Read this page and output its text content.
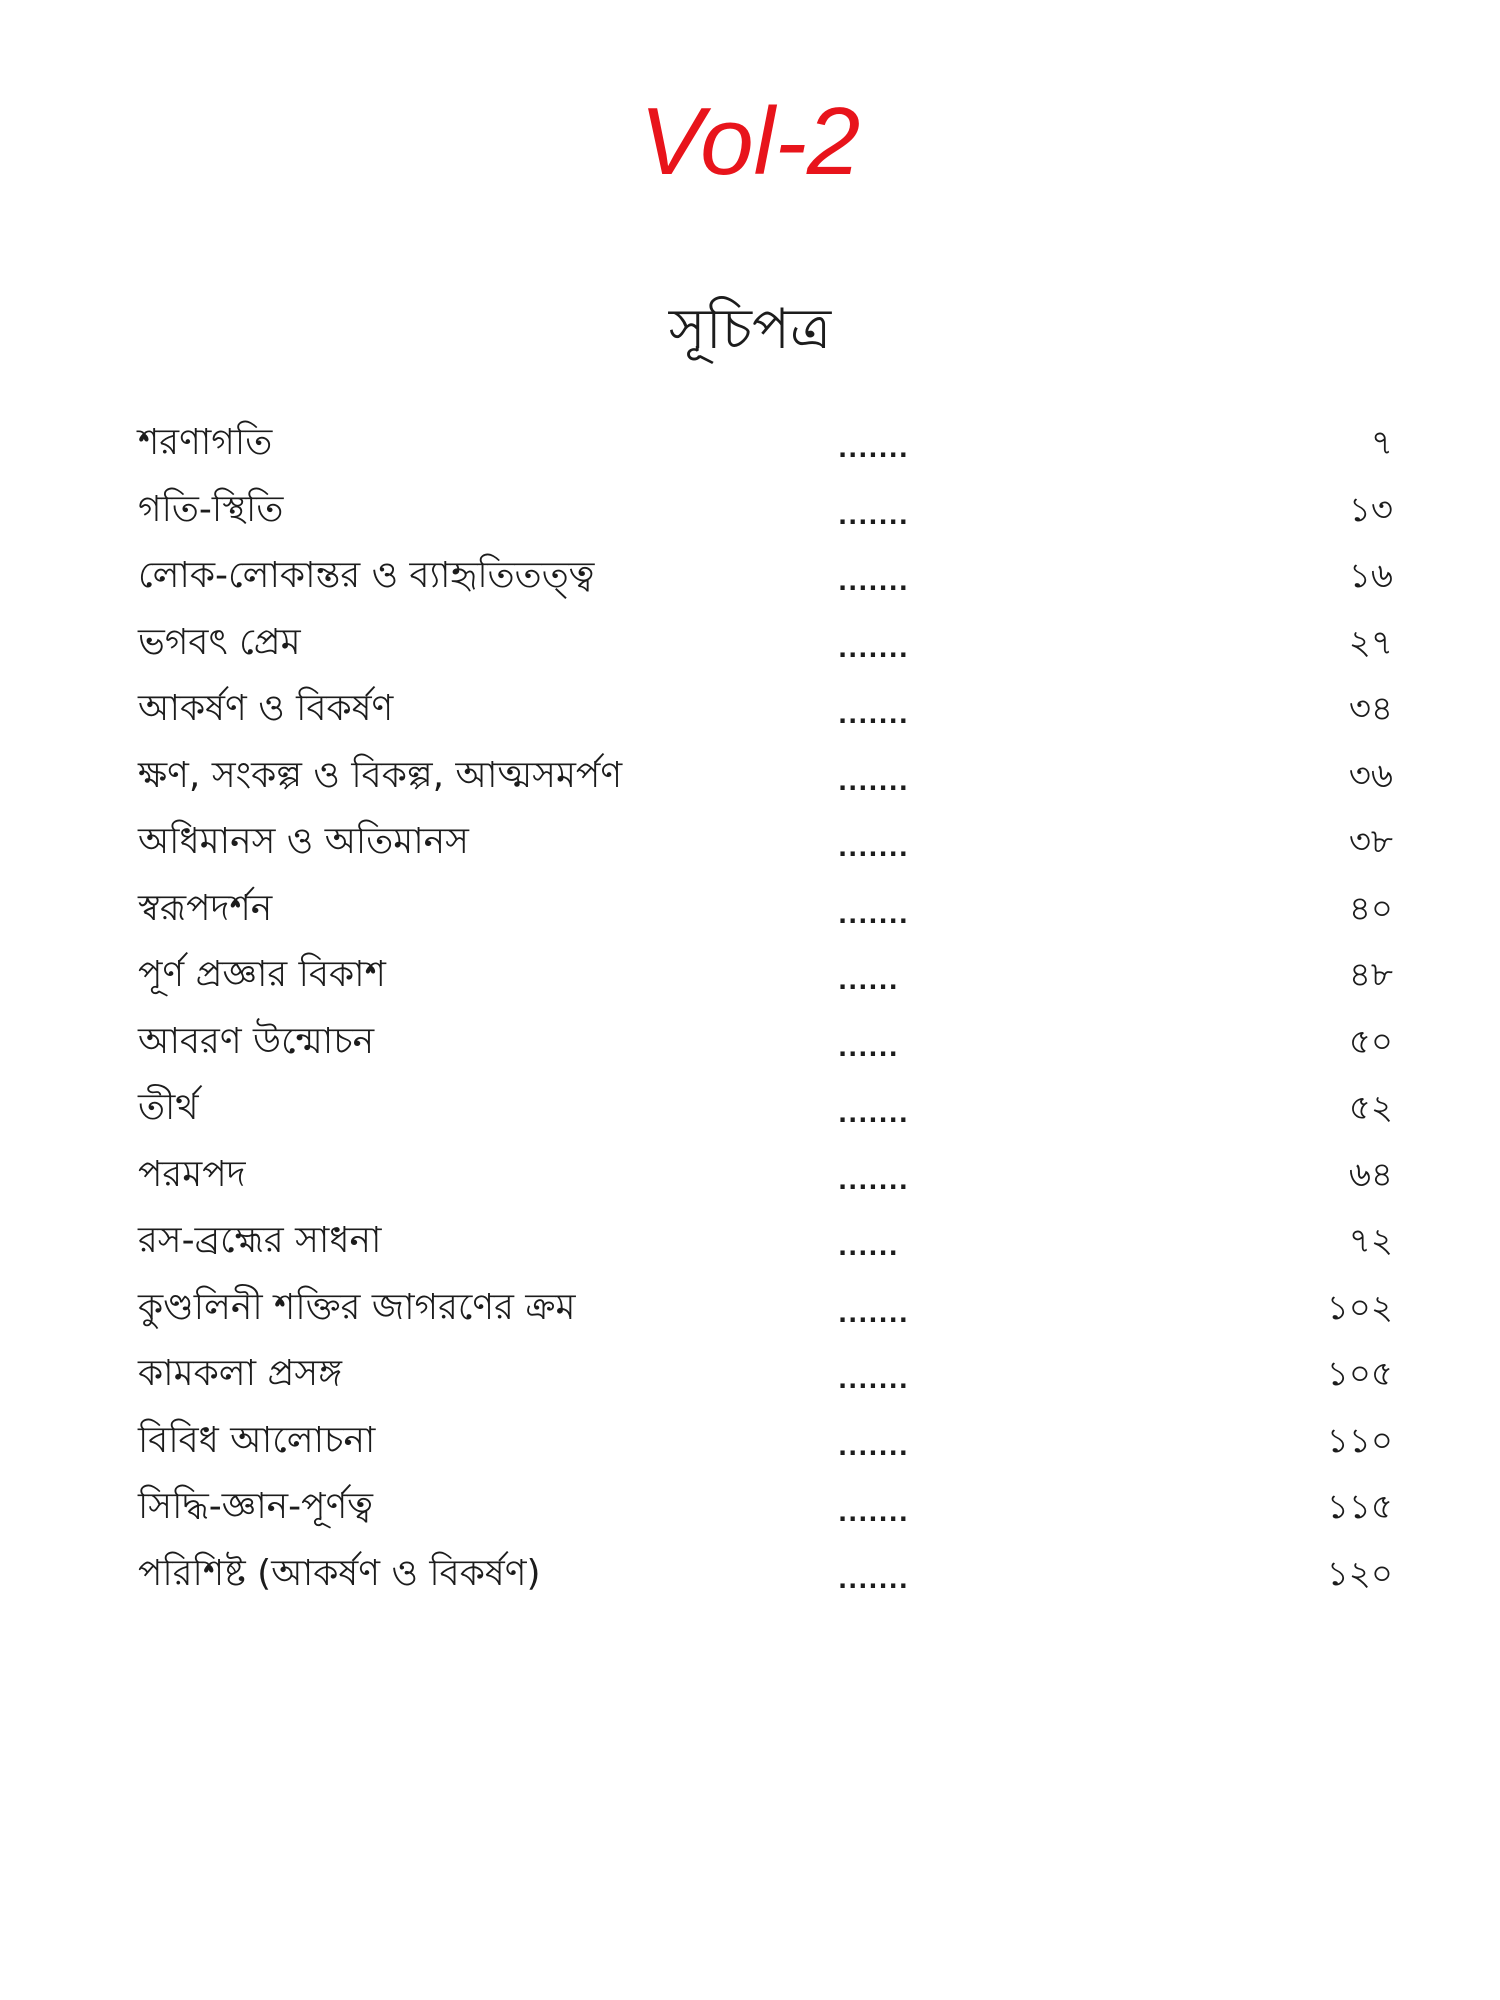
Vol-2
সূচিপত্র
শরণাগতি	.......	৭
গতি-স্থিতি	.......	১৩
লোক-লোকান্তর ও ব্যাহৃতিতত্ত্ব	.......	১৬
ভগবৎ প্রেম	.......	২৭
আকর্ষণ ও বিকর্ষণ	.......	৩৪
ক্ষণ, সংকল্প ও বিকল্প, আত্মসমর্পণ	.......	৩৬
অধিমানস ও অতিমানস	.......	৩৮
স্বরূপদর্শন	.......	৪০
পূর্ণ প্রজ্ঞার বিকাশ	......	৪৮
আবরণ উন্মোচন	......	৫০
তীর্থ	.......	৫২
পরমপদ	.......	৬৪
রস-ব্রহ্মের সাধনা	......	৭২
কুণ্ডলিনী শক্তির জাগরণের ক্রম	.......	১০২
কামকলা প্রসঙ্গ	.......	১০৫
বিবিধ আলোচনা	.......	১১০
সিদ্ধি-জ্ঞান-পূর্ণত্ব	.......	১১৫
পরিশিষ্ট (আকর্ষণ ও বিকর্ষণ)	.......	১২০
